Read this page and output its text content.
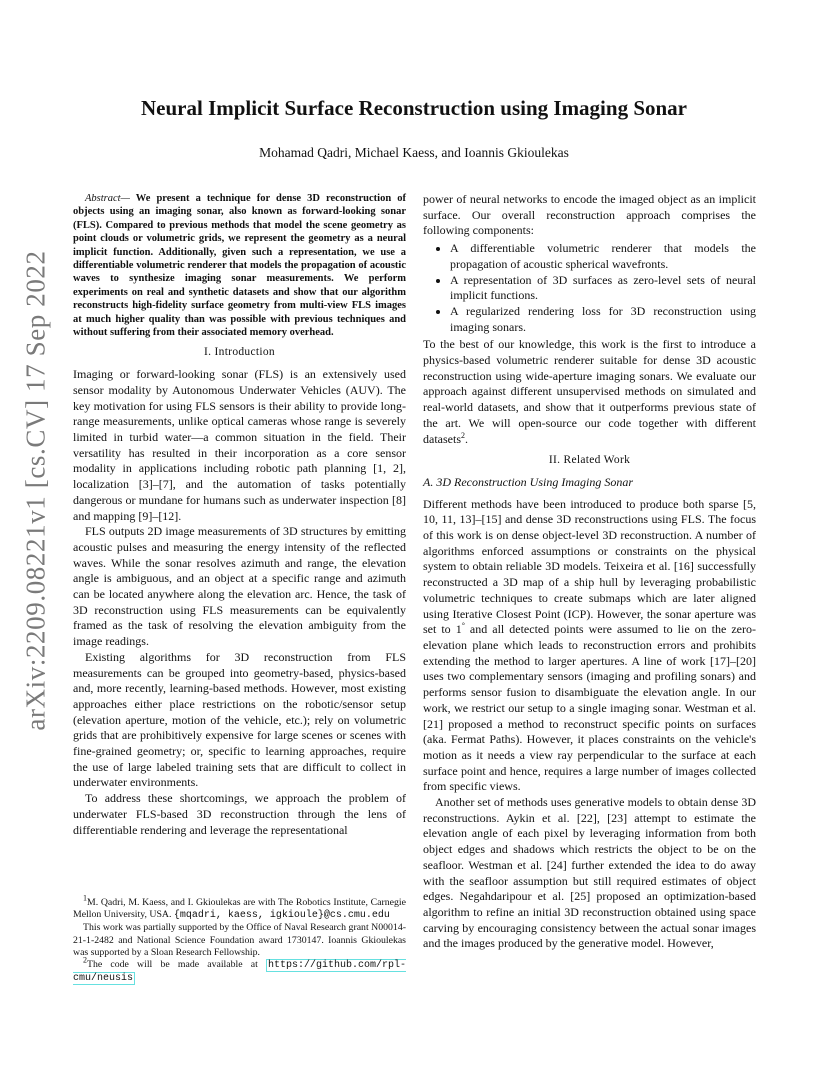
arXiv:2209.08221v1 [cs.CV] 17 Sep 2022
Neural Implicit Surface Reconstruction using Imaging Sonar

Mohamad Qadri, Michael Kaess, and Ioannis Gkioulekas

Abstract— We present a technique for dense 3D reconstruction of objects using an imaging sonar, also known as forward-looking sonar (FLS). Compared to previous methods that model the scene geometry as point clouds or volumetric grids, we represent the geometry as a neural implicit function. Additionally, given such a representation, we use a differentiable volumetric renderer that models the propagation of acoustic waves to synthesize imaging sonar measurements. We perform experiments on real and synthetic datasets and show that our algorithm reconstructs high-fidelity surface geometry from multi-view FLS images at much higher quality than was possible with previous techniques and without suffering from their associated memory overhead.

I. Introduction

Imaging or forward-looking sonar (FLS) is an extensively used sensor modality by Autonomous Underwater Vehicles (AUV). The key motivation for using FLS sensors is their ability to provide long-range measurements, unlike optical cameras whose range is severely limited in turbid water—a common situation in the field. Their versatility has resulted in their incorporation as a core sensor modality in applications including robotic path planning [1, 2], localization [3]–[7], and the automation of tasks potentially dangerous or mundane for humans such as underwater inspection [8] and mapping [9]–[12].

FLS outputs 2D image measurements of 3D structures by emitting acoustic pulses and measuring the energy intensity of the reflected waves. While the sonar resolves azimuth and range, the elevation angle is ambiguous, and an object at a specific range and azimuth can be located anywhere along the elevation arc. Hence, the task of 3D reconstruction using FLS measurements can be equivalently framed as the task of resolving the elevation ambiguity from the image readings.

Existing algorithms for 3D reconstruction from FLS measurements can be grouped into geometry-based, physics-based and, more recently, learning-based methods. However, most existing approaches either place restrictions on the robotic/sensor setup (elevation aperture, motion of the vehicle, etc.); rely on volumetric grids that are prohibitively expensive for large scenes or scenes with fine-grained geometry; or, specific to learning approaches, require the use of large labeled training sets that are difficult to collect in underwater environments.

To address these shortcomings, we approach the problem of underwater FLS-based 3D reconstruction through the lens of differentiable rendering and leverage the representational

$^1$M. Qadri, M. Kaess, and I. Gkioulekas are with The Robotics Institute, Carnegie Mellon University, USA. {mqadri, kaess, igkioule}@cs.cmu.edu

This work was partially supported by the Office of Naval Research grant N00014-21-1-2482 and National Science Foundation award 1730147. Ioannis Gkioulekas was supported by a Sloan Research Fellowship.

$^2$The code will be made available at https://github.com/rpl-cmu/neusis

power of neural networks to encode the imaged object as an implicit surface. Our overall reconstruction approach comprises the following components:

• A differentiable volumetric renderer that models the propagation of acoustic spherical wavefronts.
• A representation of 3D surfaces as zero-level sets of neural implicit functions.
• A regularized rendering loss for 3D reconstruction using imaging sonars.

To the best of our knowledge, this work is the first to introduce a physics-based volumetric renderer suitable for dense 3D acoustic reconstruction using wide-aperture imaging sonars. We evaluate our approach against different unsupervised methods on simulated and real-world datasets, and show that it outperforms previous state of the art. We will open-source our code together with different datasets$^2$.

II. Related Work
A. 3D Reconstruction Using Imaging Sonar

Different methods have been introduced to produce both sparse [5, 10, 11, 13]–[15] and dense 3D reconstructions using FLS. The focus of this work is on dense object-level 3D reconstruction. A number of algorithms enforced assumptions or constraints on the physical system to obtain reliable 3D models. Teixeira et al. [16] successfully reconstructed a 3D map of a ship hull by leveraging probabilistic volumetric techniques to create submaps which are later aligned using Iterative Closest Point (ICP). However, the sonar aperture was set to 1° and all detected points were assumed to lie on the zero-elevation plane which leads to reconstruction errors and prohibits extending the method to larger apertures. A line of work [17]–[20] uses two complementary sensors (imaging and profiling sonars) and performs sensor fusion to disambiguate the elevation angle. In our work, we restrict our setup to a single imaging sonar. Westman et al. [21] proposed a method to reconstruct specific points on surfaces (aka. Fermat Paths). However, it places constraints on the vehicle's motion as it needs a view ray perpendicular to the surface at each surface point and hence, requires a large number of images collected from specific views.

Another set of methods uses generative models to obtain dense 3D reconstructions. Aykin et al. [22], [23] attempt to estimate the elevation angle of each pixel by leveraging information from both object edges and shadows which restricts the object to be on the seafloor. Westman et al. [24] further extended the idea to do away with the seafloor assumption but still required estimates of object edges. Negahdaripour et al. [25] proposed an optimization-based algorithm to refine an initial 3D reconstruction obtained using space carving by encouraging consistency between the actual sonar images and the images produced by the generative model. However,
